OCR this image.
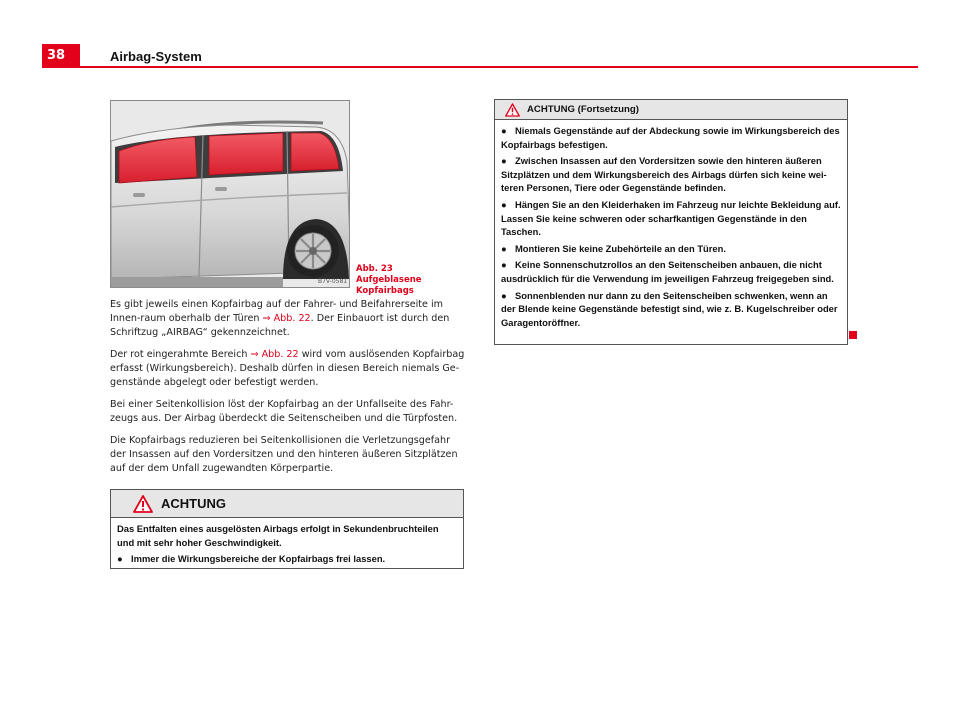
38	Airbag-System
B7V-0581
Abb. 23   Aufgeblasene Kopfairbags

Es gibt jeweils einen Kopfairbag auf der Fahrer- und Beifahrerseite im Innen-raum oberhalb der Türen ⇒ Abb. 22. Der Einbauort ist durch den Schriftzug „AIRBAG“ gekennzeichnet.

Der rot eingerahmte Bereich ⇒ Abb. 22 wird vom auslösenden Kopfairbag erfasst (Wirkungsbereich). Deshalb dürfen in diesen Bereich niemals Ge-genstände abgelegt oder befestigt werden.

Bei einer Seitenkollision löst der Kopfairbag an der Unfallseite des Fahr-zeugs aus. Der Airbag überdeckt die Seitenscheiben und die Türpfosten.

Die Kopfairbags reduzieren bei Seitenkollisionen die Verletzungsgefahr der Insassen auf den Vordersitzen und den hinteren äußeren Sitzplätzen auf der dem Unfall zugewandten Körperpartie.

ACHTUNG

Das Entfalten eines ausgelösten Airbags erfolgt in Sekundenbruchteilen und mit sehr hoher Geschwindigkeit.

● Immer die Wirkungsbereiche der Kopfairbags frei lassen.

ACHTUNG (Fortsetzung)

● Niemals Gegenstände auf der Abdeckung sowie im Wirkungsbereich des Kopfairbags befestigen.

● Zwischen Insassen auf den Vordersitzen sowie den hinteren äußeren Sitzplätzen und dem Wirkungsbereich des Airbags dürfen sich keine wei-teren Personen, Tiere oder Gegenstände befinden.

● Hängen Sie an den Kleiderhaken im Fahrzeug nur leichte Bekleidung auf. Lassen Sie keine schweren oder scharfkantigen Gegenstände in den Taschen.

● Montieren Sie keine Zubehörteile an den Türen.

● Keine Sonnenschutzrollos an den Seitenscheiben anbauen, die nicht ausdrücklich für die Verwendung im jeweiligen Fahrzeug freigegeben sind.

● Sonnenblenden nur dann zu den Seitenscheiben schwenken, wenn an der Blende keine Gegenstände befestigt sind, wie z. B. Kugelschreiber oder Garagentoröffner.
